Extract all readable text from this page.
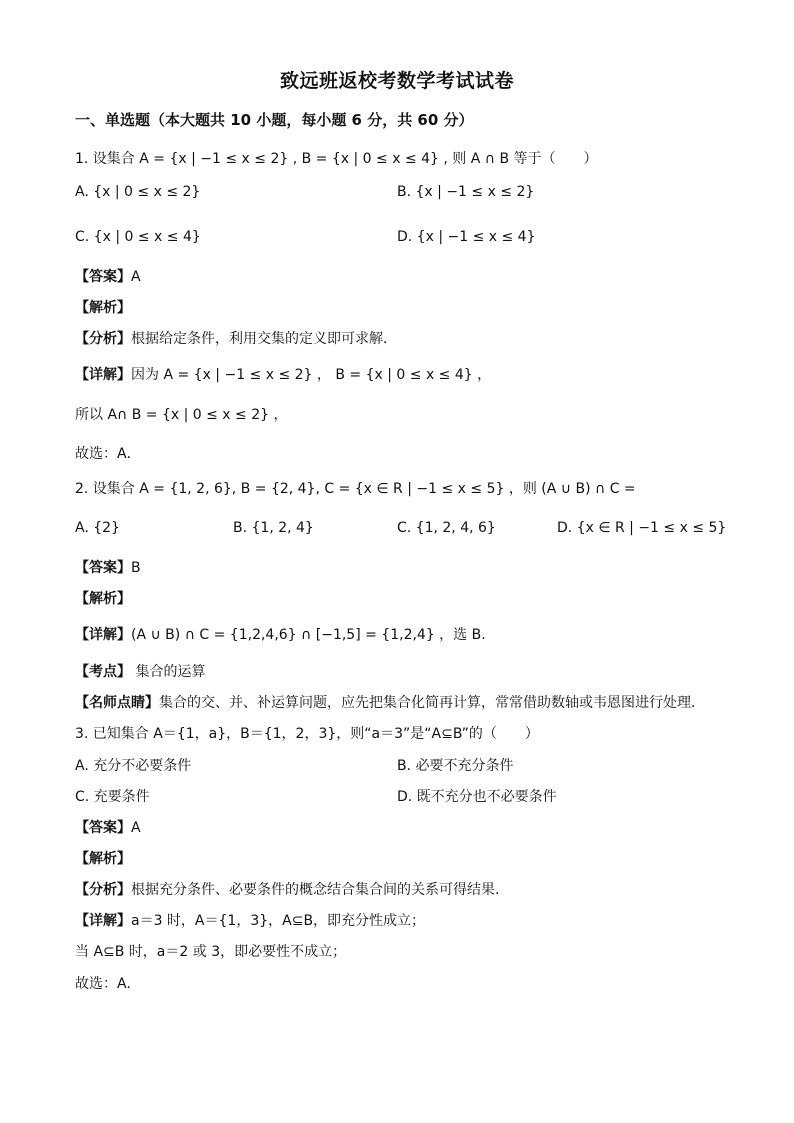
致远班返校考数学考试试卷
一、单选题（本大题共 10 小题，每小题 6 分，共 60 分）
1. 设集合 A = {x | −1 ≤ x ≤ 2} , B = {x | 0 ≤ x ≤ 4} , 则 A ∩ B 等于（　　）
A. {x | 0 ≤ x ≤ 2}	B. {x | −1 ≤ x ≤ 2}
C. {x | 0 ≤ x ≤ 4}	D. {x | −1 ≤ x ≤ 4}
【答案】A
【解析】
【分析】根据给定条件，利用交集的定义即可求解．
【详解】因为 A = {x | −1 ≤ x ≤ 2} ， B = {x | 0 ≤ x ≤ 4} ，
所以 A∩ B = {x | 0 ≤ x ≤ 2} ，
故选：A．
2. 设集合 A = {1, 2, 6}, B = {2, 4}, C = {x ∈ R | −1 ≤ x ≤ 5} ，则 (A ∪ B) ∩ C =
A. {2}	B. {1, 2, 4}	C. {1, 2, 4, 6}	D. {x ∈ R | −1 ≤ x ≤ 5}
【答案】B
【解析】
【详解】(A ∪ B) ∩ C = {1,2,4,6} ∩ [−1,5] = {1,2,4} ，选 B.
【考点】 集合的运算
【名师点睛】集合的交、并、补运算问题，应先把集合化简再计算，常常借助数轴或韦恩图进行处理．
3. 已知集合 A＝{1，a}，B＝{1，2，3}，则“a＝3”是“A⊆B”的（　　）
A. 充分不必要条件	B. 必要不充分条件
C. 充要条件	D. 既不充分也不必要条件
【答案】A
【解析】
【分析】根据充分条件、必要条件的概念结合集合间的关系可得结果.
【详解】a＝3 时，A＝{1，3}，A⊆B，即充分性成立；
当 A⊆B 时，a＝2 或 3，即必要性不成立；
故选：A.
